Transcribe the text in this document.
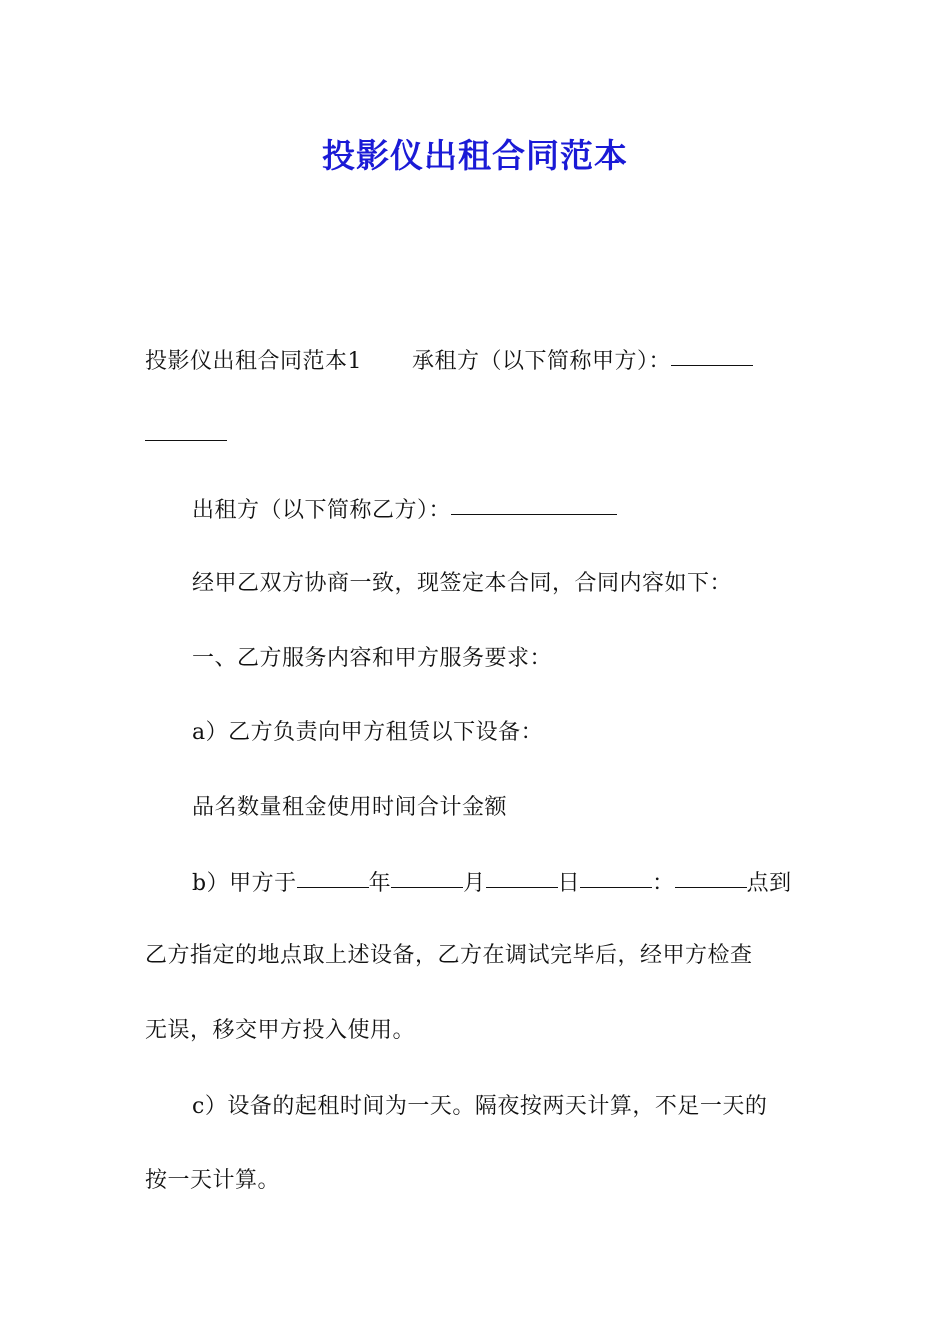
投影仪出租合同范本
投影仪出租合同范本1 承租方（以下简称甲方）：
出租方（以下简称乙方）：
经甲乙双方协商一致，现签定本合同，合同内容如下：
一、乙方服务内容和甲方服务要求：
a）乙方负责向甲方租赁以下设备：
品名数量租金使用时间合计金额
b）甲方于	年	月	日	：	点到
乙方指定的地点取上述设备，乙方在调试完毕后，经甲方检查
无误，移交甲方投入使用。
c）设备的起租时间为一天。隔夜按两天计算，不足一天的
按一天计算。
